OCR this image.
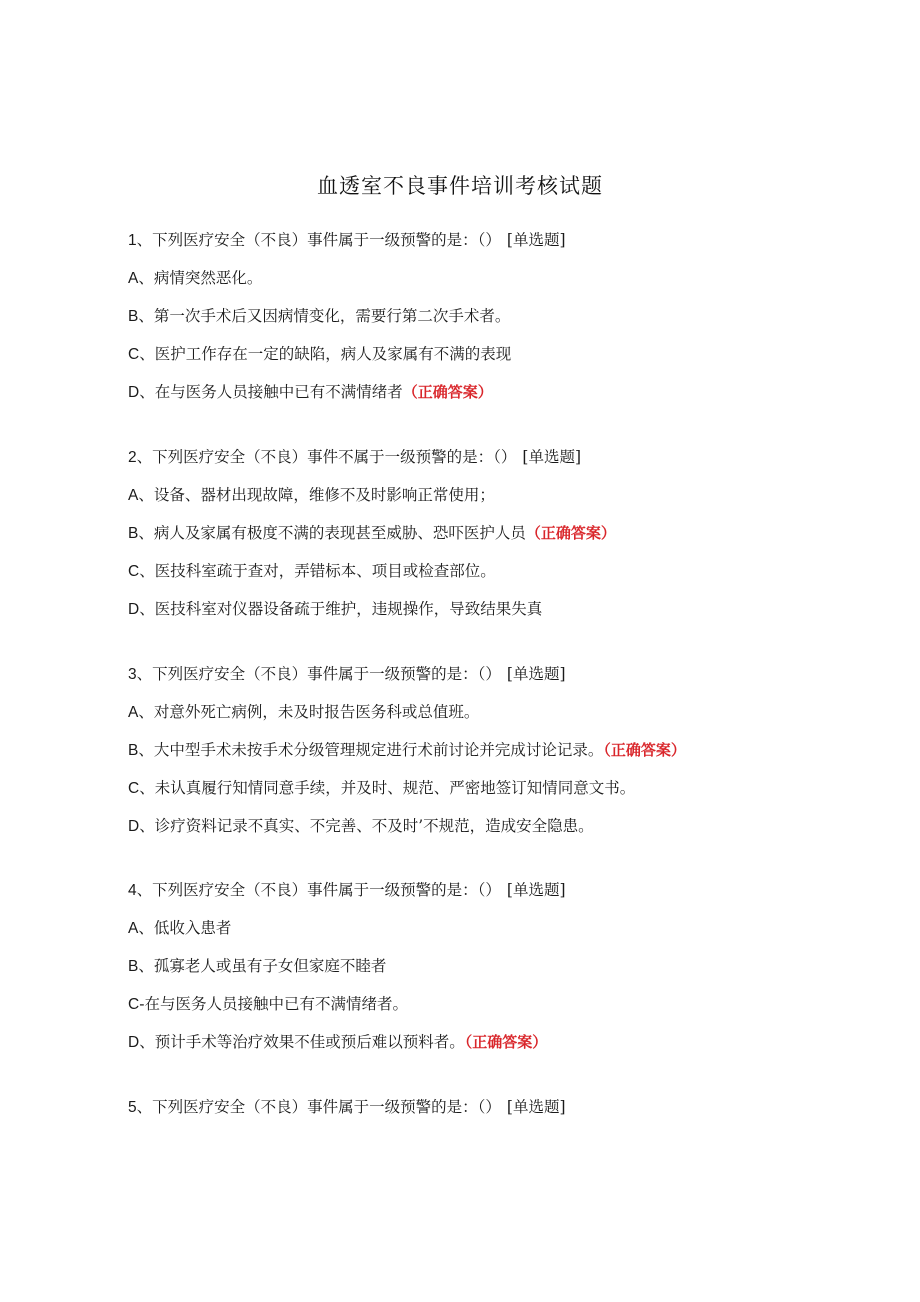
血透室不良事件培训考核试题
1、下列医疗安全（不良）事件属于一级预警的是：（） [单选题]
A、病情突然恶化。
B、第一次手术后又因病情变化，需要行第二次手术者。
C、医护工作存在一定的缺陷，病人及家属有不满的表现
D、在与医务人员接触中已有不满情绪者（正确答案）
2、下列医疗安全（不良）事件不属于一级预警的是：（） [单选题]
A、设备、器材出现故障，维修不及时影响正常使用；
B、病人及家属有极度不满的表现甚至威胁、恐吓医护人员（正确答案）
C、医技科室疏于查对，弄错标本、项目或检查部位。
D、医技科室对仪器设备疏于维护，违规操作，导致结果失真
3、下列医疗安全（不良）事件属于一级预警的是：（） [单选题]
A、对意外死亡病例，未及时报告医务科或总值班。
B、大中型手术未按手术分级管理规定进行术前讨论并完成讨论记录。（正确答案）
C、未认真履行知情同意手续，并及时、规范、严密地签订知情同意文书。
D、诊疗资料记录不真实、不完善、不及时’不规范，造成安全隐患。
4、下列医疗安全（不良）事件属于一级预警的是：（） [单选题]
A、低收入患者
B、孤寡老人或虽有子女但家庭不睦者
C-在与医务人员接触中已有不满情绪者。
D、预计手术等治疗效果不佳或预后难以预料者。（正确答案）
5、下列医疗安全（不良）事件属于一级预警的是：（） [单选题]
